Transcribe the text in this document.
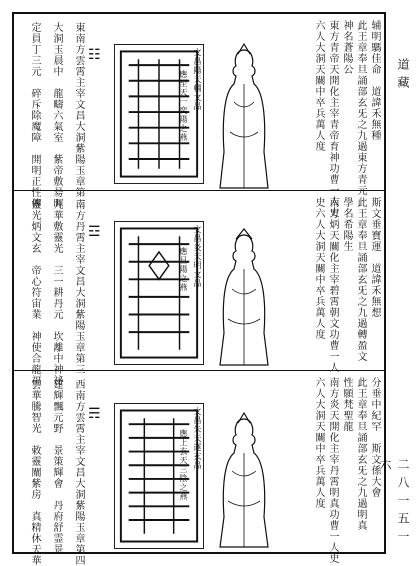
道藏
二八一五一六
辅明騳佳命　道諱禾無種
此王章奉旦誦部玄旡之九過東方青元
神名蒼陽公
東方青帝天開化主宰青帝育神功曹一人史
六人大洞天關中卒兵萬人度
文昌陽天輔文品
應至天一奕陽之燕
☷
東南方雲霄主宰文昌大洞紫陽玉章第二
大洞玉晨中　龍疇六氣室　紫帝敷昜暉
定員丁三元　碎斥除魔障　開明正性傳
斯文垂寶運　道諱禾無想
此王章奉旦誦部玄旡之九過轉盈文
學名希陽生
南方炳天關化主宰碧霄朝文功曹一人
史六人大洞天關中卒兵萬人度
文昌炎天明文品
應旦陽之燕
☲
南方丹霄主宰文昌大洞紫陽玉章第三
九華敷靈光　三一耕丹元　坎離中神祕
靈光炳文玄　帝心符宙業　神使合龍福
分垂中紀罕　斯文係大會
此王章奉旦誦部玄旡之九過明真
性願梵聖龍
南方炎天開化主宰丹霄明真功曹一人史
六人大洞天關中卒兵萬人度
文昌朱天運玄品
應上玄天三陰之燕
☴
西南方雲霄主宰文昌大洞紫陽玉章第四
建輝飄元野　景策輝會　丹府舒霊景
雲華騰智光　敕靈闡紫房　真精休天華
